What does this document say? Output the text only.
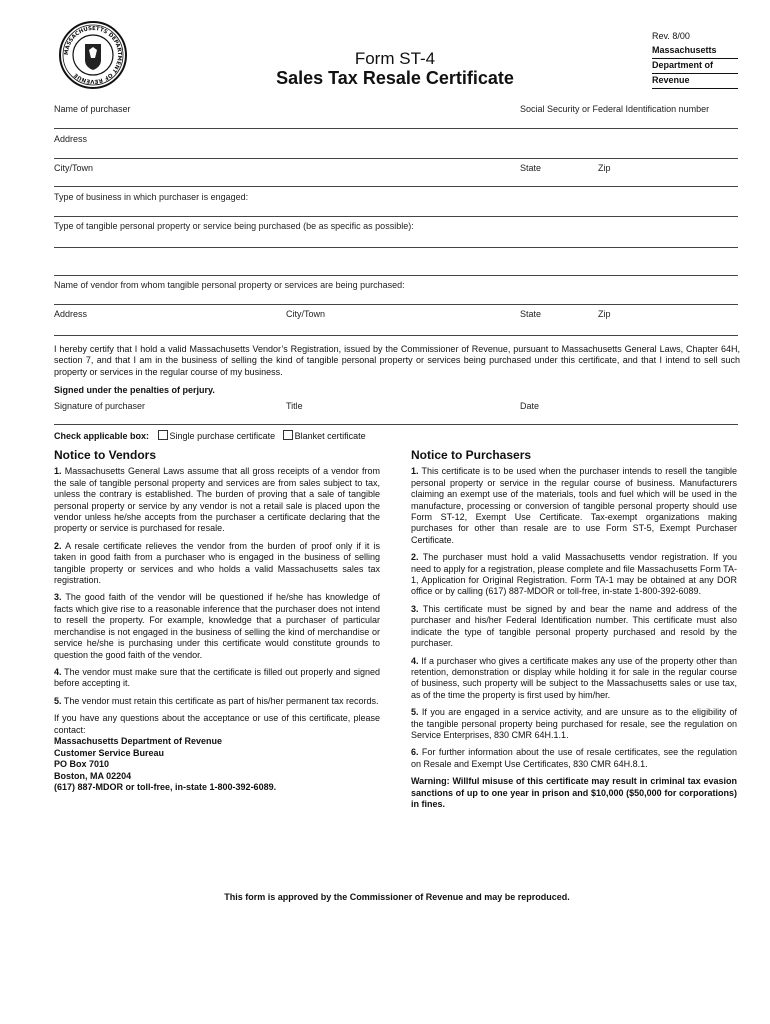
MASSACHUSETTS DEPARTMENT OF REVENUE
Rev. 8/00
Massachusetts
Department of
Revenue
Form ST-4
Sales Tax Resale Certificate
Name of purchaser	Social Security or Federal Identification number
Address
City/Town	State	Zip
Type of business in which purchaser is engaged:
Type of tangible personal property or service being purchased (be as specific as possible):
Name of vendor from whom tangible personal property or services are being purchased:
Address	City/Town	State	Zip
I hereby certify that I hold a valid Massachusetts Vendor’s Registration, issued by the Commissioner of Revenue, pursuant to Massachusetts General Laws, Chapter 64H, section 7, and that I am in the business of selling the kind of tangible personal property or services being purchased under this certificate, and that I intend to sell such property or services in the regular course of my business.
Signed under the penalties of perjury.
Signature of purchaser	Title	Date
Check applicable box: Single purchase certificate Blanket certificate
Notice to Vendors

1. Massachusetts General Laws assume that all gross receipts of a vendor from the sale of tangible personal property and services are from sales subject to tax, unless the contrary is established. The burden of proving that a sale of tangible personal property or service by any vendor is not a retail sale is placed upon the vendor unless he/she accepts from the purchaser a certificate declaring that the property or service is purchased for resale.

2. A resale certificate relieves the vendor from the burden of proof only if it is taken in good faith from a purchaser who is engaged in the business of selling tangible property or services and who holds a valid Massachusetts sales tax registration.

3. The good faith of the vendor will be questioned if he/she has knowledge of facts which give rise to a reasonable inference that the purchaser does not intend to resell the property. For example, knowledge that a purchaser of particular merchandise is not engaged in the business of selling the kind of merchandise or service he/she is purchasing under this certificate would constitute grounds to question the good faith of the vendor.

4. The vendor must make sure that the certificate is filled out properly and signed before accepting it.

5. The vendor must retain this certificate as part of his/her permanent tax records.

If you have any questions about the acceptance or use of this certificate, please contact:

Massachusetts Department of Revenue
Customer Service Bureau
PO Box 7010
Boston, MA 02204
(617) 887-MDOR or toll-free, in-state 1-800-392-6089.
Notice to Purchasers

1. This certificate is to be used when the purchaser intends to resell the tangible personal property or service in the regular course of business. Manufacturers claiming an exempt use of the materials, tools and fuel which will be used in the manufacture, processing or conversion of tangible personal property should use Form ST-12, Exempt Use Certificate. Tax-exempt organizations making purchases for other than resale are to use Form ST-5, Exempt Purchaser Certificate.

2. The purchaser must hold a valid Massachusetts vendor registration. If you need to apply for a registration, please complete and file Massachusetts Form TA-1, Application for Original Registration. Form TA-1 may be obtained at any DOR office or by calling (617) 887-MDOR or toll-free, in-state 1-800-392-6089.

3. This certificate must be signed by and bear the name and address of the purchaser and his/her Federal Identification number. This certificate must also indicate the type of tangible personal property purchased and resold by the purchaser.

4. If a purchaser who gives a certificate makes any use of the property other than retention, demonstration or display while holding it for sale in the regular course of business, such property will be subject to the Massachusetts sales or use tax, as of the time the property is first used by him/her.

5. If you are engaged in a service activity, and are unsure as to the eligibility of the tangible personal property being purchased for resale, see the regulation on Service Enterprises, 830 CMR 64H.1.1.

6. For further information about the use of resale certificates, see the regulation on Resale and Exempt Use Certificates, 830 CMR 64H.8.1.

Warning: Willful misuse of this certificate may result in criminal tax evasion sanctions of up to one year in prison and $10,000 ($50,000 for corporations) in fines.

This form is approved by the Commissioner of Revenue and may be reproduced.
